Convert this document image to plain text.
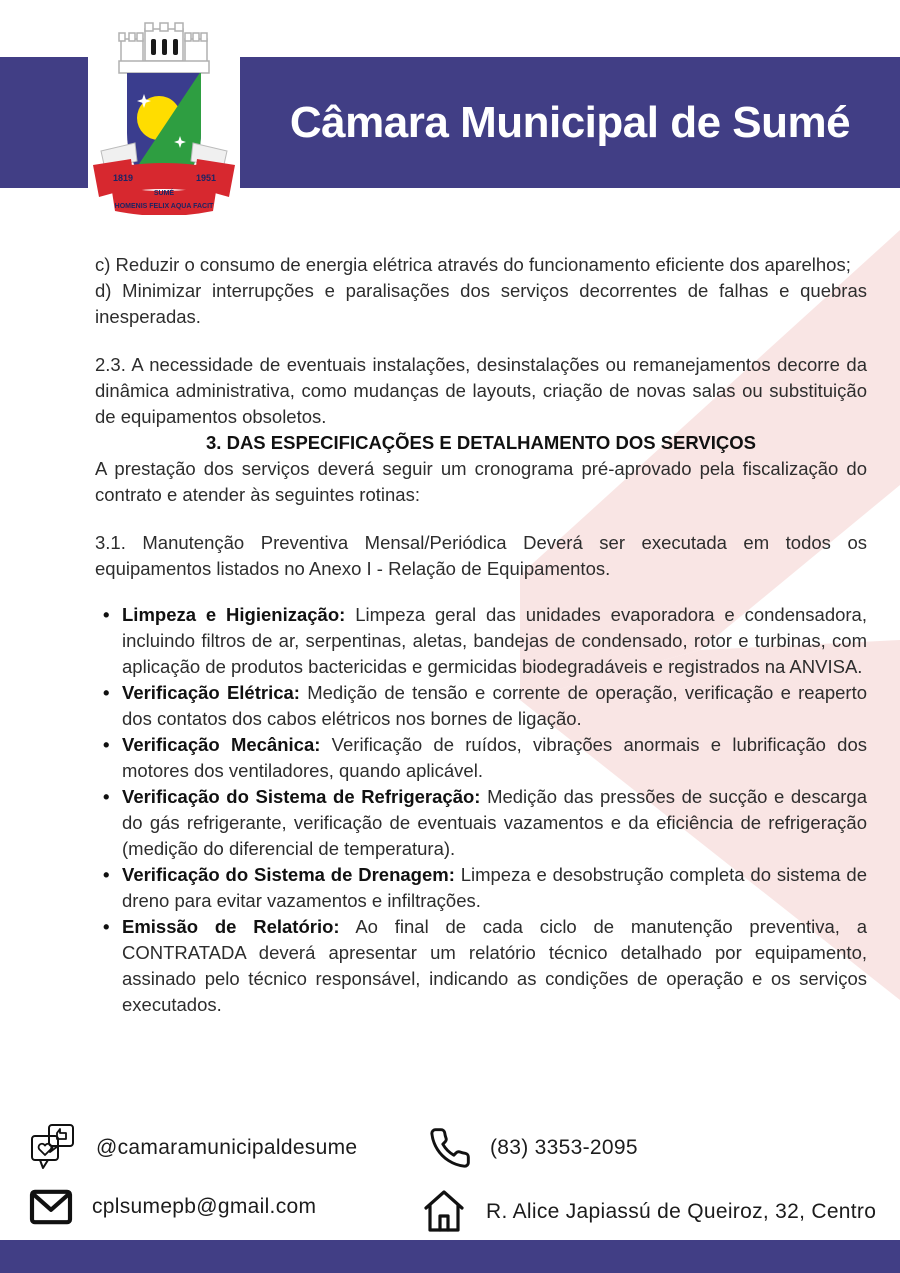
1819	1951
SUMÉ
HOMENIS FELIX AQUA FACIT
Câmara Municipal de Sumé

c) Reduzir o consumo de energia elétrica através do funcionamento eficiente dos aparelhos;

d) Minimizar interrupções e paralisações dos serviços decorrentes de falhas e quebras inesperadas.

2.3. A necessidade de eventuais instalações, desinstalações ou remanejamentos decorre da dinâmica administrativa, como mudanças de layouts, criação de novas salas ou substituição de equipamentos obsoletos.

3. DAS ESPECIFICAÇÕES E DETALHAMENTO DOS SERVIÇOS

A prestação dos serviços deverá seguir um cronograma pré-aprovado pela fiscalização do contrato e atender às seguintes rotinas:

3.1. Manutenção Preventiva Mensal/Periódica Deverá ser executada em todos os equipamentos listados no Anexo I - Relação de Equipamentos.

• Limpeza e Higienização: Limpeza geral das unidades evaporadora e condensadora, incluindo filtros de ar, serpentinas, aletas, bandejas de condensado, rotor e turbinas, com aplicação de produtos bactericidas e germicidas biodegradáveis e registrados na ANVISA.
• Verificação Elétrica: Medição de tensão e corrente de operação, verificação e reaperto dos contatos dos cabos elétricos nos bornes de ligação.
• Verificação Mecânica: Verificação de ruídos, vibrações anormais e lubrificação dos motores dos ventiladores, quando aplicável.
• Verificação do Sistema de Refrigeração: Medição das pressões de sucção e descarga do gás refrigerante, verificação de eventuais vazamentos e da eficiência de refrigeração (medição do diferencial de temperatura).
• Verificação do Sistema de Drenagem: Limpeza e desobstrução completa do sistema de dreno para evitar vazamentos e infiltrações.
• Emissão de Relatório: Ao final de cada ciclo de manutenção preventiva, a CONTRATADA deverá apresentar um relatório técnico detalhado por equipamento, assinado pelo técnico responsável, indicando as condições de operação e os serviços executados.
@camaramunicipaldesume	(83) 3353-2095
cplsumepb@gmail.com	R. Alice Japiassú de Queiroz, 32, Centro
